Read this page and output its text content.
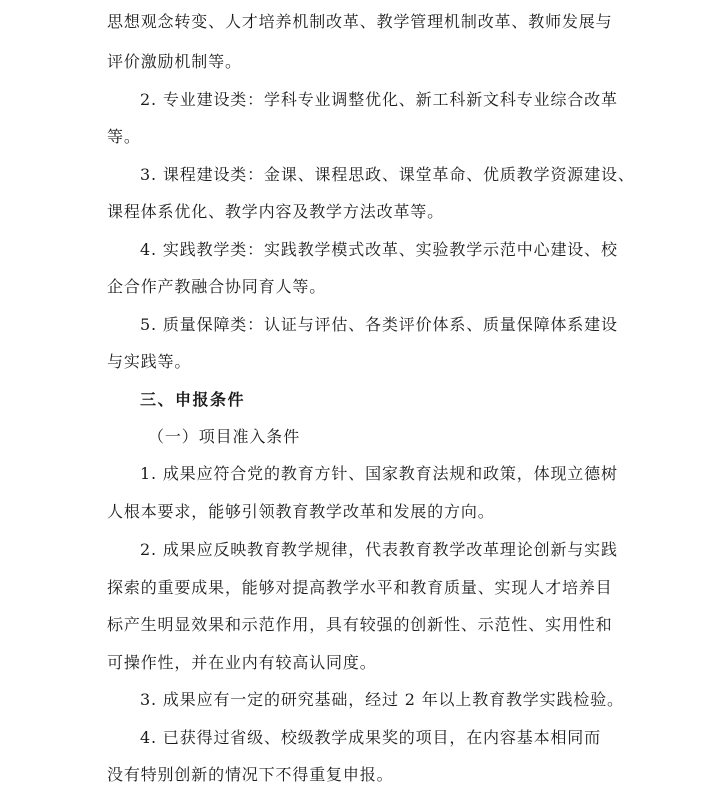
思想观念转变、人才培养机制改革、教学管理机制改革、教师发展与
评价激励机制等。
2. 专业建设类：学科专业调整优化、新工科新文科专业综合改革
等。
3. 课程建设类：金课、课程思政、课堂革命、优质教学资源建设、
课程体系优化、教学内容及教学方法改革等。
4. 实践教学类：实践教学模式改革、实验教学示范中心建设、校
企合作产教融合协同育人等。
5. 质量保障类：认证与评估、各类评价体系、质量保障体系建设
与实践等。
三、申报条件
（一）项目准入条件
1. 成果应符合党的教育方针、国家教育法规和政策，体现立德树
人根本要求，能够引领教育教学改革和发展的方向。
2. 成果应反映教育教学规律，代表教育教学改革理论创新与实践
探索的重要成果，能够对提高教学水平和教育质量、实现人才培养目
标产生明显效果和示范作用，具有较强的创新性、示范性、实用性和
可操作性，并在业内有较高认同度。
3. 成果应有一定的研究基础，经过 2 年以上教育教学实践检验。
4. 已获得过省级、校级教学成果奖的项目，在内容基本相同而
没有特别创新的情况下不得重复申报。
